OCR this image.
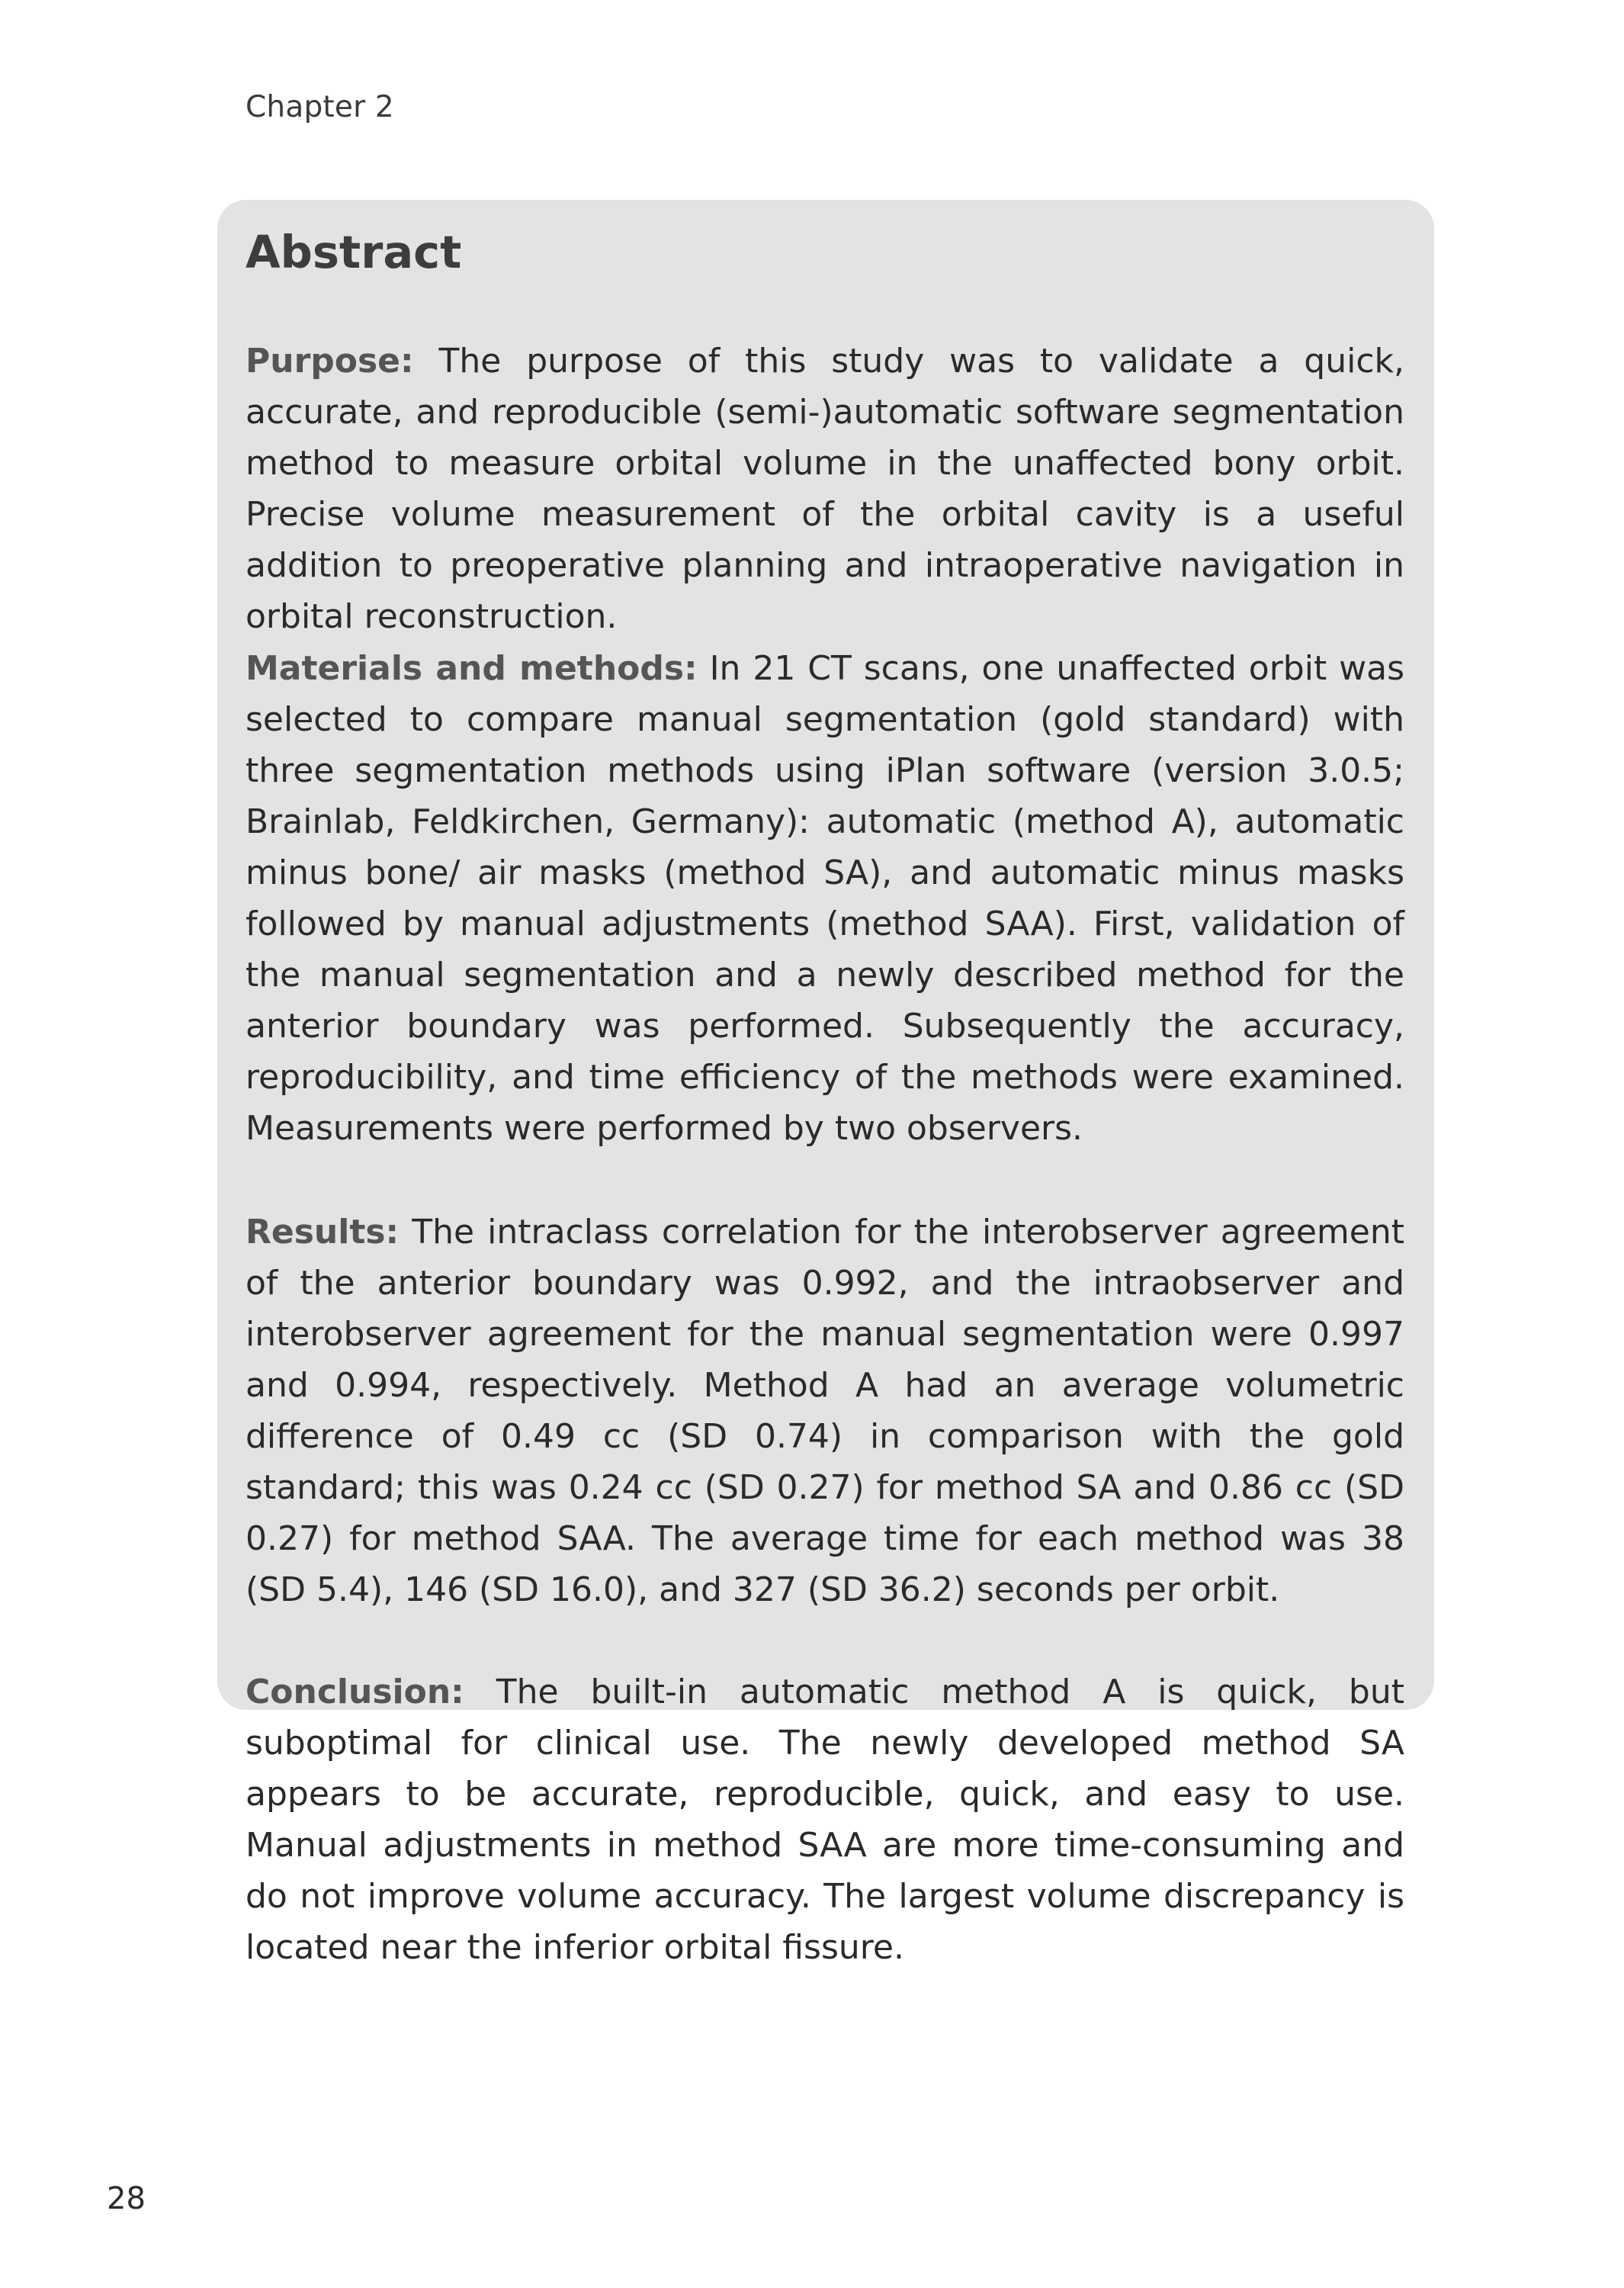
Chapter 2
Abstract

Purpose: The purpose of this study was to validate a quick, accurate, and reproducible (semi-)automatic software segmentation method to measure orbital volume in the unaffected bony orbit. Precise volume measurement of the orbital cavity is a useful addition to preoperative planning and intraoperative navigation in orbital reconstruction.

Materials and methods: In 21 CT scans, one unaffected orbit was selected to compare manual segmentation (gold standard) with three segmentation methods using iPlan software (version 3.0.5; Brainlab, Feldkirchen, Germany): automatic (method A), automatic minus bone/ air masks (method SA), and automatic minus masks followed by manual adjustments (method SAA). First, validation of the manual segmentation and a newly described method for the anterior boundary was performed. Subsequently the accuracy, reproducibility, and time efficiency of the methods were examined. Measurements were performed by two observers.

Results: The intraclass correlation for the interobserver agreement of the anterior boundary was 0.992, and the intraobserver and interobserver agreement for the manual segmentation were 0.997 and 0.994, respectively. Method A had an average volumetric difference of 0.49 cc (SD 0.74) in comparison with the gold standard; this was 0.24 cc (SD 0.27) for method SA and 0.86 cc (SD 0.27) for method SAA. The average time for each method was 38 (SD 5.4), 146 (SD 16.0), and 327 (SD 36.2) seconds per orbit.

Conclusion: The built-in automatic method A is quick, but suboptimal for clinical use. The newly developed method SA appears to be accurate, reproducible, quick, and easy to use. Manual adjustments in method SAA are more time-consuming and do not improve volume accuracy. The largest volume discrepancy is located near the inferior orbital fissure.

28
